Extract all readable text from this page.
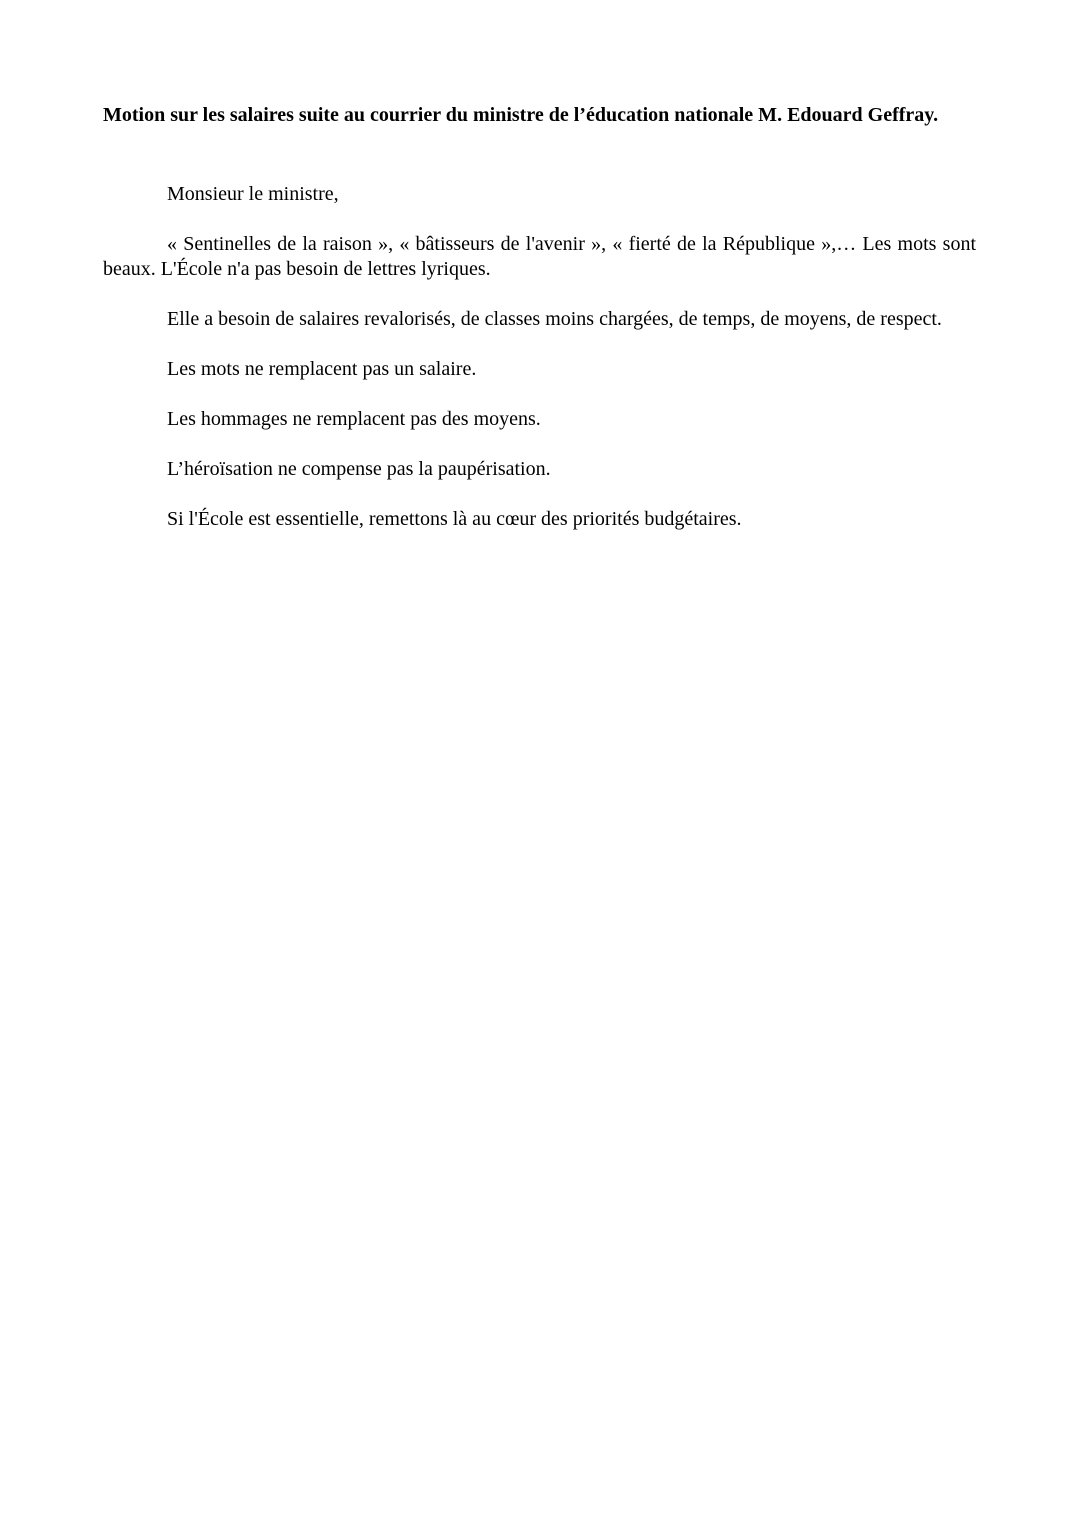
Motion sur les salaires suite au courrier du ministre de l’éducation nationale M. Edouard Geffray.

Monsieur le ministre,

« Sentinelles de la raison », « bâtisseurs de l'avenir », « fierté de la République »,… Les mots sont beaux. L'École n'a pas besoin de lettres lyriques.

Elle a besoin de salaires revalorisés, de classes moins chargées, de temps, de moyens, de respect.

Les mots ne remplacent pas un salaire.

Les hommages ne remplacent pas des moyens.

L’héroïsation ne compense pas la paupérisation.

Si l'École est essentielle, remettons là au cœur des priorités budgétaires.
